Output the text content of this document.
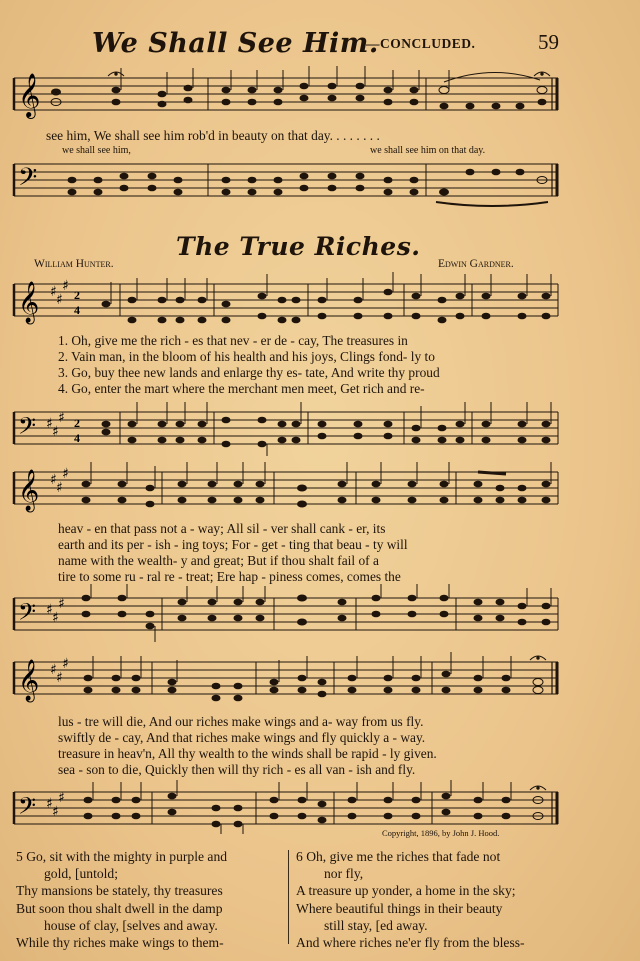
We Shall See Him.
—CONCLUDED.	59
𝄞
see him, We shall see him rob'd in beauty on that day. . . . . . . .
we shall see him,	we shall see him on that day.
𝄢
The True Riches.
William Hunter.	Edwin Gardner.
𝄞 ♯ ♯
♯
2
4
1. Oh, give me the rich - es that nev - er de - cay, The treasures in
2. Vain man, in the bloom of his health and his joys, Clings fond- ly to
3. Go, buy thee new lands and enlarge thy es- tate, And write thy proud
4. Go, enter the mart where the merchant men meet, Get rich and re-
𝄢 ♯ ♯
♯ 2
4
𝄞 ♯ ♯
♯
heav - en that pass not a - way; All sil - ver shall cank - er, its
earth and its per - ish - ing toys; For - get - ting that beau - ty will
name with the wealth- y and great; But if thou shalt fail of a
tire to some ru - ral re - treat; Ere hap - piness comes, comes the
𝄢 ♯ ♯
♯
𝄞 ♯ ♯
♯
lus - tre will die, And our riches make wings and a- way from us fly.
swiftly de - cay, And that riches make wings and fly quickly a - way.
treasure in heav'n, All thy wealth to the winds shall be rapid - ly given.
sea - son to die, Quickly then will thy rich - es all van - ish and fly.
𝄢 ♯ ♯
♯
Copyright, 1896, by John J. Hood.
5 Go, sit with the mighty in purple and
gold, [untold;
Thy mansions be stately, thy treasures
But soon thou shalt dwell in the damp
house of clay, [selves and away.
While thy riches make wings to them-
6 Oh, give me the riches that fade not
nor fly,
A treasure up yonder, a home in the sky;
Where beautiful things in their beauty
still stay, [ed away.
And where riches ne'er fly from the bless-
